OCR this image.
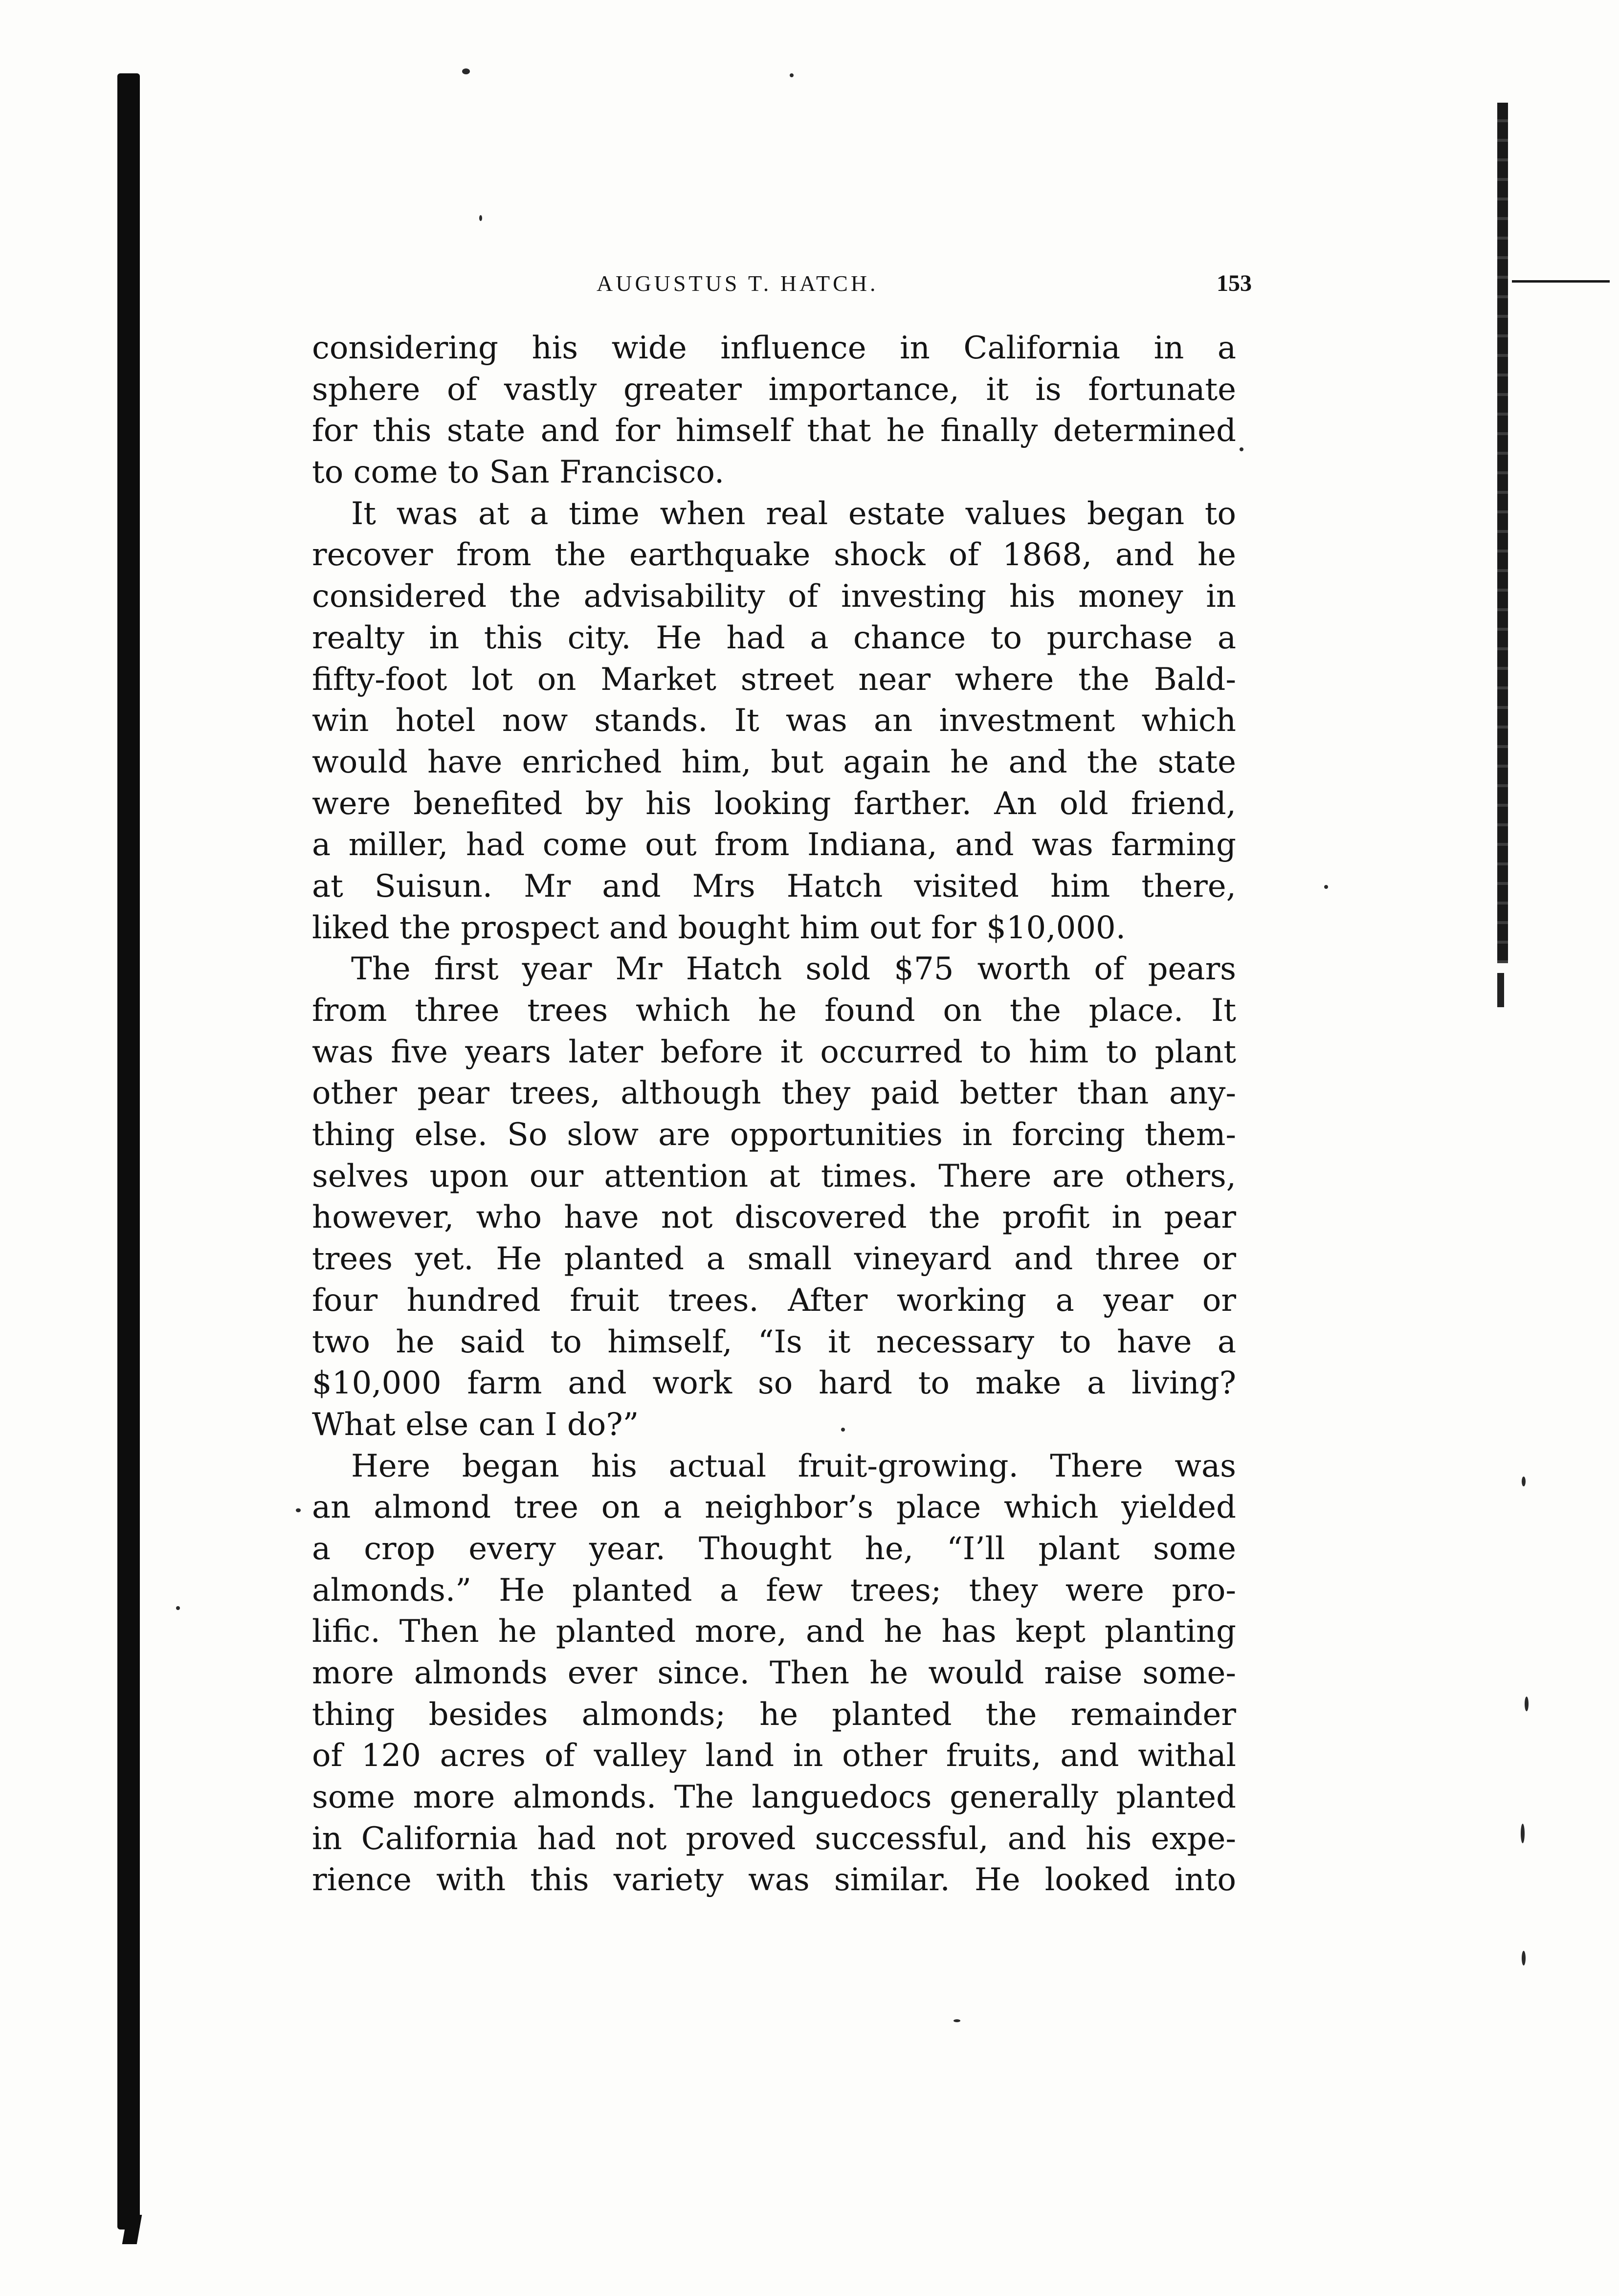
AUGUSTUS T. HATCH.	153
considering his wide influence in California in a
sphere of vastly greater importance, it is fortunate
for this state and for himself that he finally determined
to come to San Francisco.
It was at a time when real estate values began to
recover from the earthquake shock of 1868, and he
considered the advisability of investing his money in
realty in this city. He had a chance to purchase a
fifty-foot lot on Market street near where the Bald-
win hotel now stands. It was an investment which
would have enriched him, but again he and the state
were benefited by his looking farther. An old friend,
a miller, had come out from Indiana, and was farming
at Suisun. Mr and Mrs Hatch visited him there,
liked the prospect and bought him out for $10,000.
The first year Mr Hatch sold $75 worth of pears
from three trees which he found on the place. It
was five years later before it occurred to him to plant
other pear trees, although they paid better than any-
thing else. So slow are opportunities in forcing them-
selves upon our attention at times. There are others,
however, who have not discovered the profit in pear
trees yet. He planted a small vineyard and three or
four hundred fruit trees. After working a year or
two he said to himself, “Is it necessary to have a
$10,000 farm and work so hard to make a living?
What else can I do?”
Here began his actual fruit-growing. There was
an almond tree on a neighbor’s place which yielded
a crop every year. Thought he, “I’ll plant some
almonds.” He planted a few trees; they were pro-
lific. Then he planted more, and he has kept planting
more almonds ever since. Then he would raise some-
thing besides almonds; he planted the remainder
of 120 acres of valley land in other fruits, and withal
some more almonds. The languedocs generally planted
in California had not proved successful, and his expe-
rience with this variety was similar. He looked into
